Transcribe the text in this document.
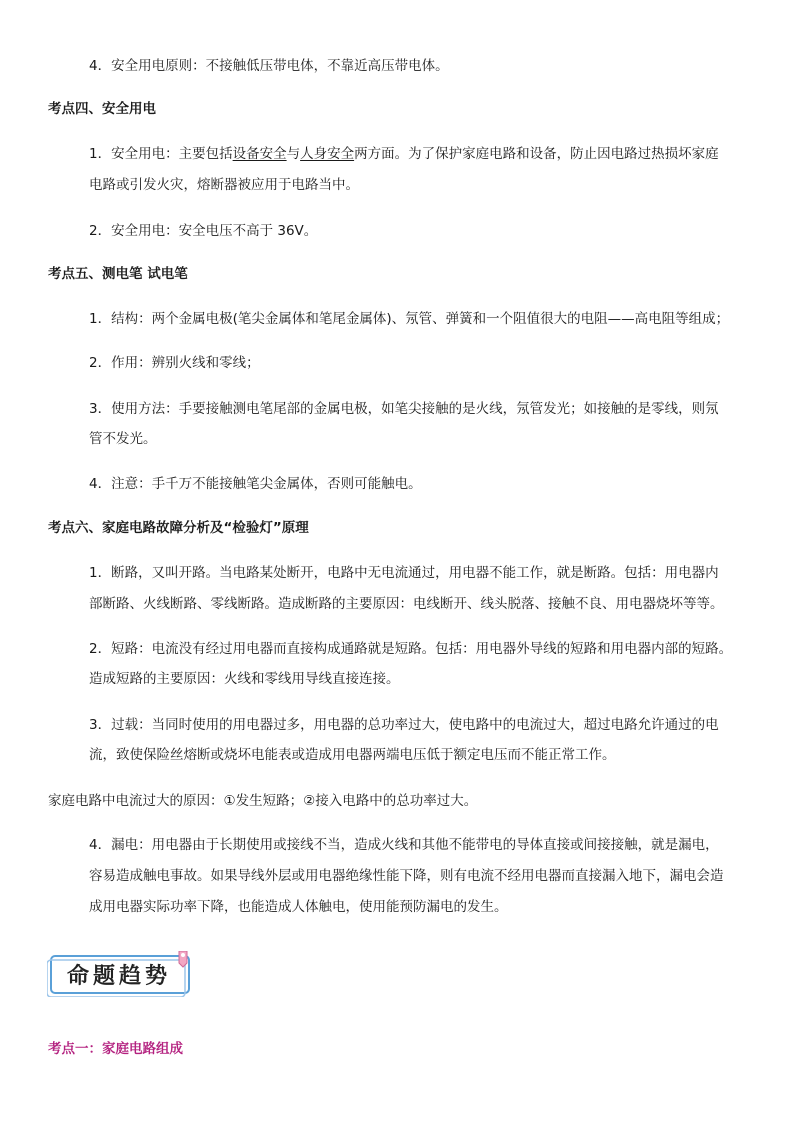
4．安全用电原则：不接触低压带电体，不靠近高压带电体。
考点四、安全用电
1．安全用电：主要包括设备安全与人身安全两方面。为了保护家庭电路和设备，防止因电路过热损坏家庭
电路或引发火灾，熔断器被应用于电路当中。
2．安全用电：安全电压不高于 36V。
考点五、测电笔 试电笔
1．结构：两个金属电极(笔尖金属体和笔尾金属体)、氖管、弹簧和一个阻值很大的电阻——高电阻等组成；
2．作用：辨别火线和零线；
3．使用方法：手要接触测电笔尾部的金属电极，如笔尖接触的是火线，氖管发光；如接触的是零线，则氖
管不发光。
4．注意：手千万不能接触笔尖金属体，否则可能触电。
考点六、家庭电路故障分析及“检验灯”原理
1．断路，又叫开路。当电路某处断开，电路中无电流通过，用电器不能工作，就是断路。包括：用电器内
部断路、火线断路、零线断路。造成断路的主要原因：电线断开、线头脱落、接触不良、用电器烧坏等等。
2．短路：电流没有经过用电器而直接构成通路就是短路。包括：用电器外导线的短路和用电器内部的短路。
造成短路的主要原因：火线和零线用导线直接连接。
3．过载：当同时使用的用电器过多，用电器的总功率过大，使电路中的电流过大，超过电路允许通过的电
流，致使保险丝熔断或烧坏电能表或造成用电器两端电压低于额定电压而不能正常工作。
家庭电路中电流过大的原因：①发生短路；②接入电路中的总功率过大。
4．漏电：用电器由于长期使用或接线不当，造成火线和其他不能带电的导体直接或间接接触，就是漏电，
容易造成触电事故。如果导线外层或用电器绝缘性能下降，则有电流不经用电器而直接漏入地下，漏电会造
成用电器实际功率下降，也能造成人体触电，使用能预防漏电的发生。
命题趋势
考点一：家庭电路组成
